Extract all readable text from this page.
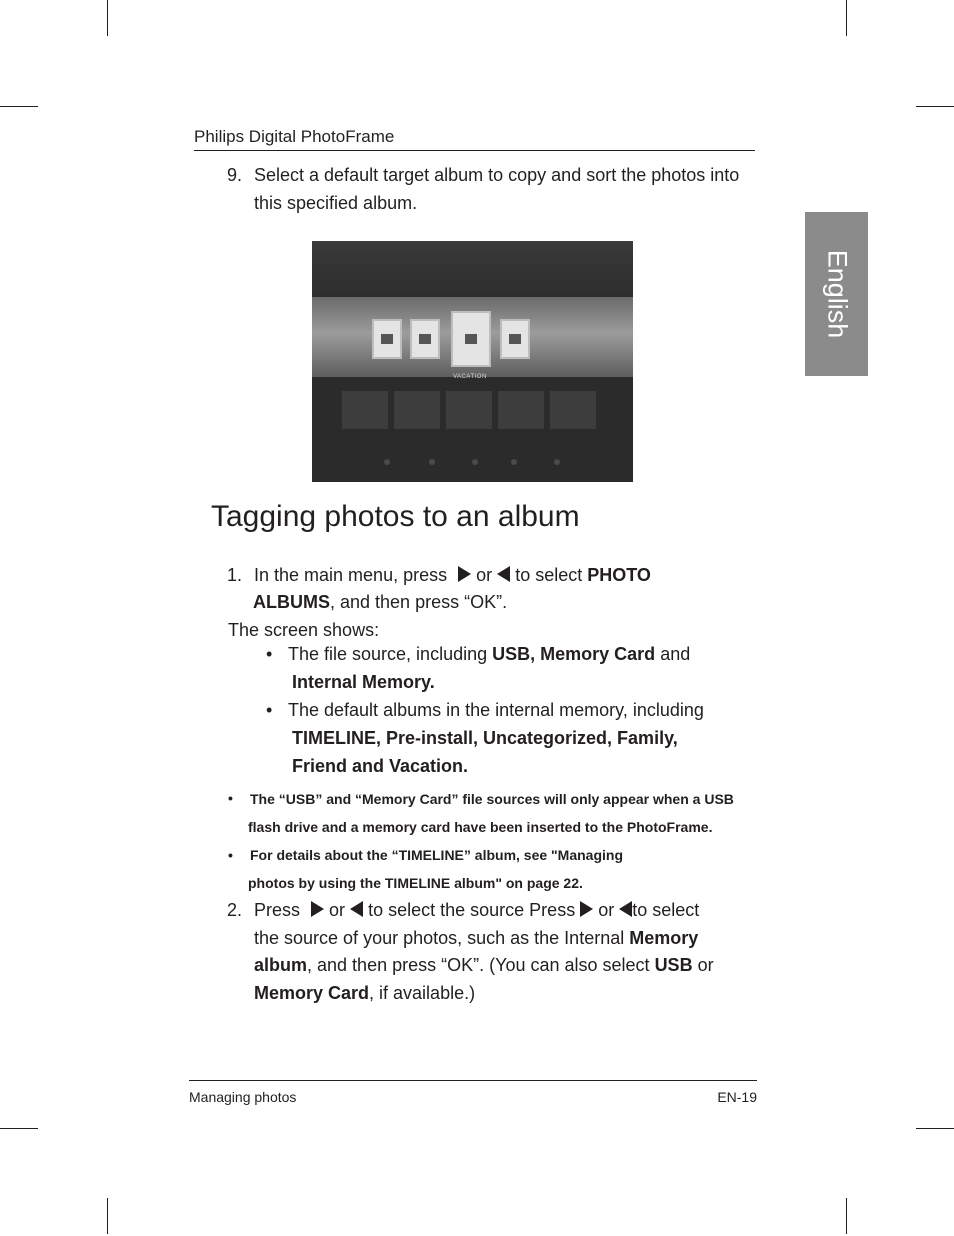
Philips Digital PhotoFrame
English
9. Select a default target album to copy and sort the photos into
this specified album.
VACATION
Tagging photos to an album
1. In the main menu, press or to select PHOTO
ALBUMS, and then press “OK”.
The screen shows:
• The file source, including USB, Memory Card and
Internal Memory.
• The default albums in the internal memory, including
TIMELINE, Pre-install, Uncategorized, Family,
Friend and Vacation.
• The “USB” and “Memory Card” file sources will only appear when a USB
flash drive and a memory card have been inserted to the PhotoFrame.
• For details about the “TIMELINE” album, see "Managing
photos by using the TIMELINE album" on page 22.
2. Press or to select the source Press or to select
the source of your photos, such as the Internal Memory
album, and then press “OK”. (You can also select USB or
Memory Card, if available.)
Managing photos	EN-19
